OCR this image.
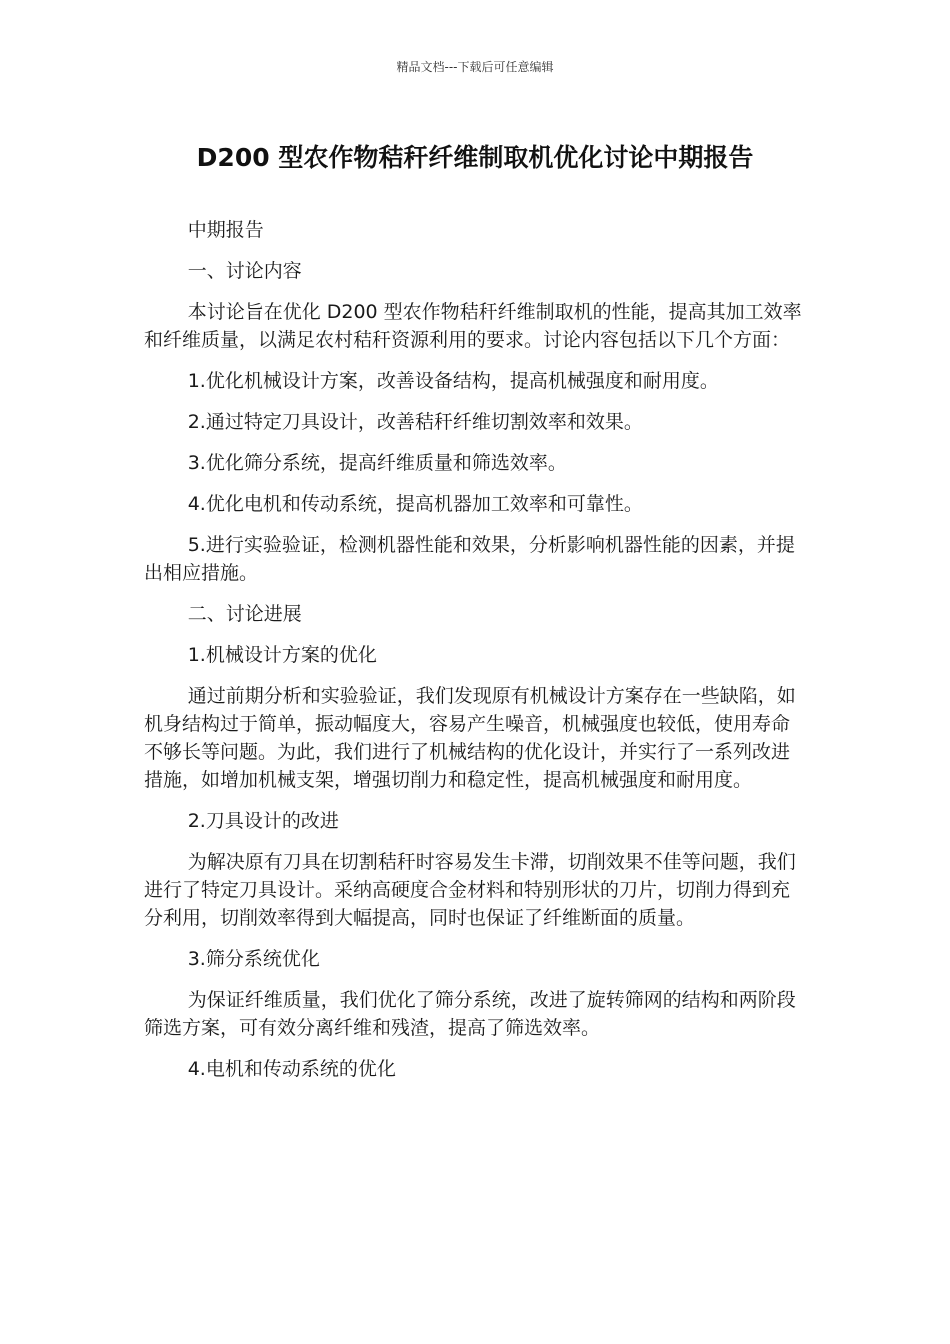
精品文档---下载后可任意编辑
D200 型农作物秸秆纤维制取机优化讨论中期报告

中期报告

一、讨论内容

本讨论旨在优化 D200 型农作物秸秆纤维制取机的性能，提高其加工效率和纤维质量，以满足农村秸秆资源利用的要求。讨论内容包括以下几个方面：

1.优化机械设计方案，改善设备结构，提高机械强度和耐用度。

2.通过特定刀具设计，改善秸秆纤维切割效率和效果。

3.优化筛分系统，提高纤维质量和筛选效率。

4.优化电机和传动系统，提高机器加工效率和可靠性。

5.进行实验验证，检测机器性能和效果，分析影响机器性能的因素，并提出相应措施。

二、讨论进展

1.机械设计方案的优化

通过前期分析和实验验证，我们发现原有机械设计方案存在一些缺陷，如机身结构过于简单，振动幅度大，容易产生噪音，机械强度也较低，使用寿命不够长等问题。为此，我们进行了机械结构的优化设计，并实行了一系列改进措施，如增加机械支架，增强切削力和稳定性，提高机械强度和耐用度。

2.刀具设计的改进

为解决原有刀具在切割秸秆时容易发生卡滞，切削效果不佳等问题，我们进行了特定刀具设计。采纳高硬度合金材料和特别形状的刀片，切削力得到充分利用，切削效率得到大幅提高，同时也保证了纤维断面的质量。

3.筛分系统优化

为保证纤维质量，我们优化了筛分系统，改进了旋转筛网的结构和两阶段筛选方案，可有效分离纤维和残渣，提高了筛选效率。

4.电机和传动系统的优化
